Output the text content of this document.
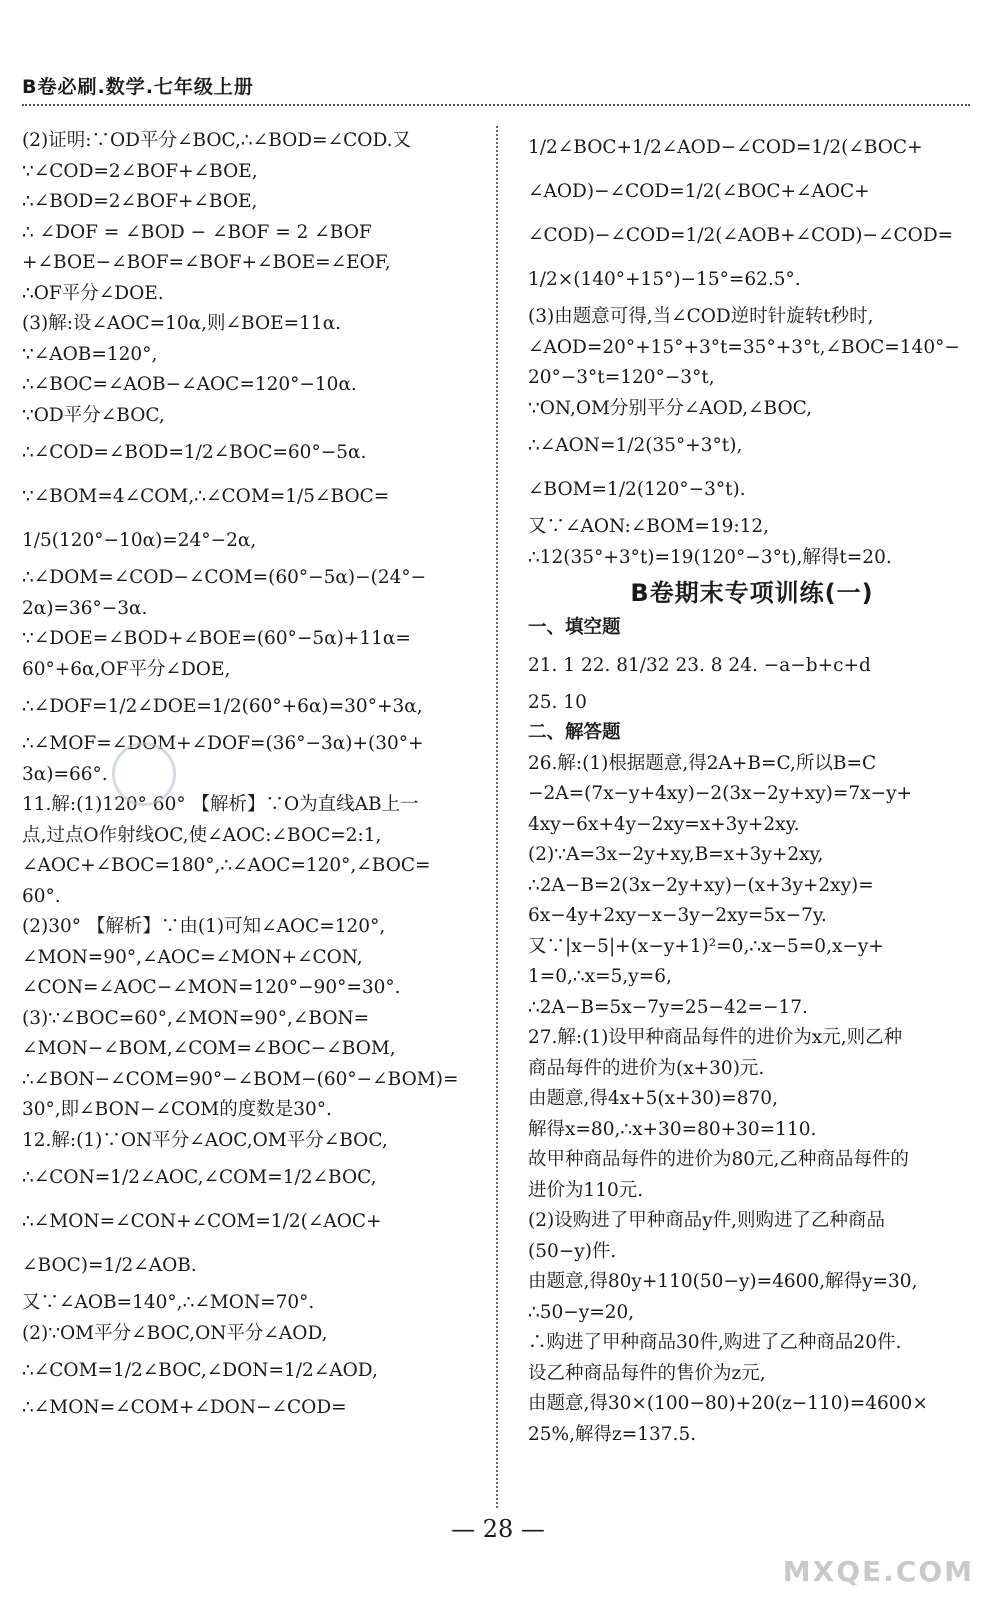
B卷必刷.数学.七年级上册
(2)证明:∵OD平分∠BOC,∴∠BOD=∠COD.又
∵∠COD=2∠BOF+∠BOE,
∴∠BOD=2∠BOF+∠BOE,
∴ ∠DOF = ∠BOD − ∠BOF = 2 ∠BOF
+∠BOE−∠BOF=∠BOF+∠BOE=∠EOF,
∴OF平分∠DOE.
(3)解:设∠AOC=10α,则∠BOE=11α.
∵∠AOB=120°,
∴∠BOC=∠AOB−∠AOC=120°−10α.
∵OD平分∠BOC,
∴∠COD=∠BOD=1/2∠BOC=60°−5α.
∵∠BOM=4∠COM,∴∠COM=1/5∠BOC=
1/5(120°−10α)=24°−2α,
∴∠DOM=∠COD−∠COM=(60°−5α)−(24°−
2α)=36°−3α.
∵∠DOE=∠BOD+∠BOE=(60°−5α)+11α=
60°+6α,OF平分∠DOE,
∴∠DOF=1/2∠DOE=1/2(60°+6α)=30°+3α,
∴∠MOF=∠DOM+∠DOF=(36°−3α)+(30°+
3α)=66°.
11.解:(1)120° 60° 【解析】∵O为直线AB上一
点,过点O作射线OC,使∠AOC:∠BOC=2:1,
∠AOC+∠BOC=180°,∴∠AOC=120°,∠BOC=
60°.
(2)30° 【解析】∵由(1)可知∠AOC=120°,
∠MON=90°,∠AOC=∠MON+∠CON,
∠CON=∠AOC−∠MON=120°−90°=30°.
(3)∵∠BOC=60°,∠MON=90°,∠BON=
∠MON−∠BOM,∠COM=∠BOC−∠BOM,
∴∠BON−∠COM=90°−∠BOM−(60°−∠BOM)=
30°,即∠BON−∠COM的度数是30°.
12.解:(1)∵ON平分∠AOC,OM平分∠BOC,
∴∠CON=1/2∠AOC,∠COM=1/2∠BOC,
∴∠MON=∠CON+∠COM=1/2(∠AOC+
∠BOC)=1/2∠AOB.
又∵∠AOB=140°,∴∠MON=70°.
(2)∵OM平分∠BOC,ON平分∠AOD,
∴∠COM=1/2∠BOC,∠DON=1/2∠AOD,
∴∠MON=∠COM+∠DON−∠COD=
1/2∠BOC+1/2∠AOD−∠COD=1/2(∠BOC+
∠AOD)−∠COD=1/2(∠BOC+∠AOC+
∠COD)−∠COD=1/2(∠AOB+∠COD)−∠COD=
1/2×(140°+15°)−15°=62.5°.
(3)由题意可得,当∠COD逆时针旋转t秒时,
∠AOD=20°+15°+3°t=35°+3°t,∠BOC=140°−
20°−3°t=120°−3°t,
∵ON,OM分别平分∠AOD,∠BOC,
∴∠AON=1/2(35°+3°t),
∠BOM=1/2(120°−3°t).
又∵∠AON:∠BOM=19:12,
∴12(35°+3°t)=19(120°−3°t),解得t=20.
B卷期末专项训练(一)
一、填空题
21. 1 22. 81/32 23. 8 24. −a−b+c+d
25. 10
二、解答题
26.解:(1)根据题意,得2A+B=C,所以B=C
−2A=(7x−y+4xy)−2(3x−2y+xy)=7x−y+
4xy−6x+4y−2xy=x+3y+2xy.
(2)∵A=3x−2y+xy,B=x+3y+2xy,
∴2A−B=2(3x−2y+xy)−(x+3y+2xy)=
6x−4y+2xy−x−3y−2xy=5x−7y.
又∵|x−5|+(x−y+1)²=0,∴x−5=0,x−y+
1=0,∴x=5,y=6,
∴2A−B=5x−7y=25−42=−17.
27.解:(1)设甲种商品每件的进价为x元,则乙种
商品每件的进价为(x+30)元.
由题意,得4x+5(x+30)=870,
解得x=80,∴x+30=80+30=110.
故甲种商品每件的进价为80元,乙种商品每件的
进价为110元.
(2)设购进了甲种商品y件,则购进了乙种商品
(50−y)件.
由题意,得80y+110(50−y)=4600,解得y=30,
∴50−y=20,
∴购进了甲种商品30件,购进了乙种商品20件.
设乙种商品每件的售价为z元,
由题意,得30×(100−80)+20(z−110)=4600×
25%,解得z=137.5.
— 28 —
MXQE.COM
